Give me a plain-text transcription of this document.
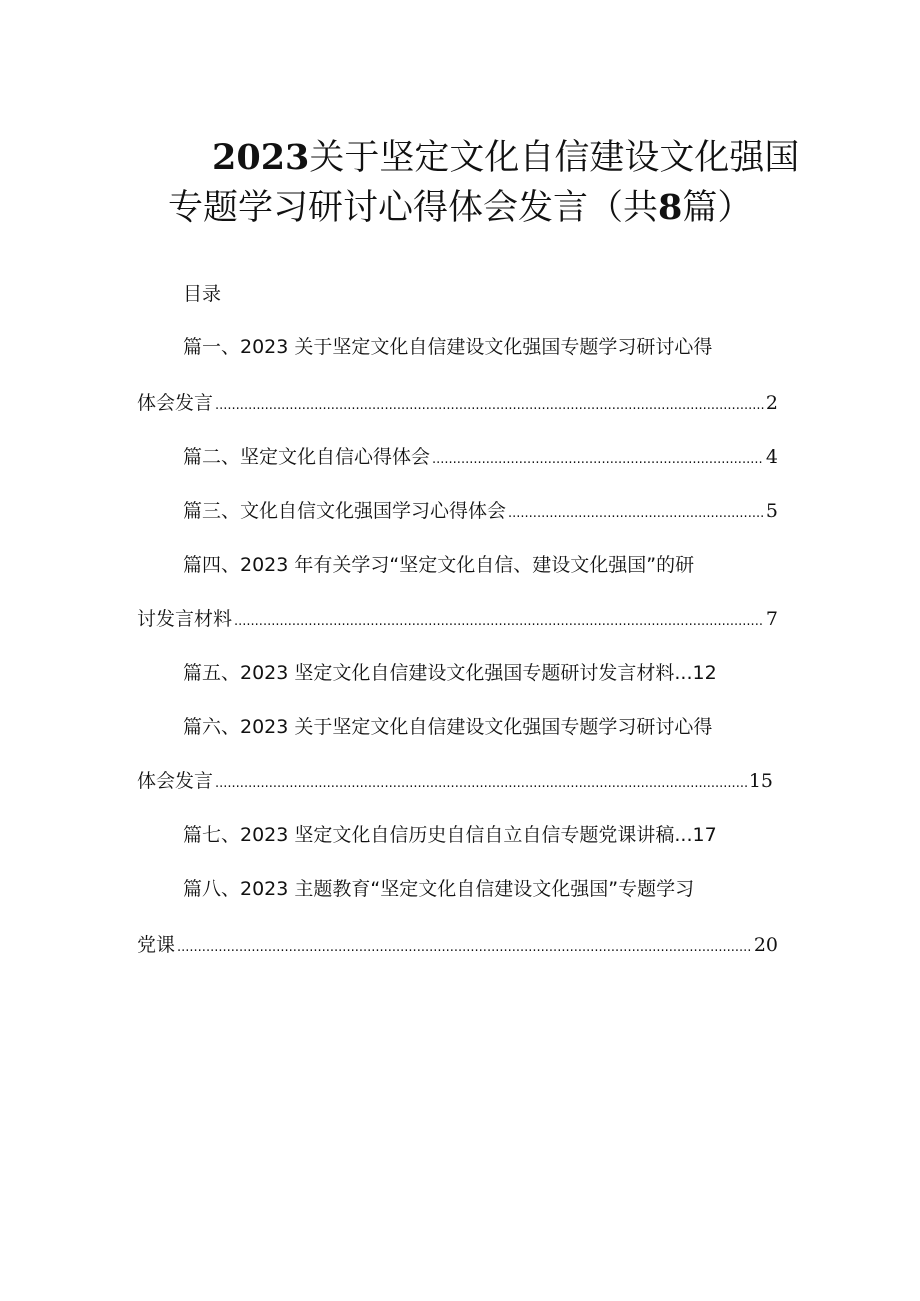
2023关于坚定文化自信建设文化强国
专题学习研讨心得体会发言（共8篇）
目录
篇一、2023 关于坚定文化自信建设文化强国专题学习研讨心得
体会发言 .....	2
篇二、坚定文化自信心得体会 .....	4
篇三、文化自信文化强国学习心得体会 .....	5
篇四、2023 年有关学习“坚定文化自信、建设文化强国”的研
讨发言材料 .....	7
篇五、2023 坚定文化自信建设文化强国专题研讨发言材料...12
篇六、2023 关于坚定文化自信建设文化强国专题学习研讨心得
体会发言 .....	15
篇七、2023 坚定文化自信历史自信自立自信专题党课讲稿...17
篇八、2023 主题教育“坚定文化自信建设文化强国”专题学习
党课 .....	20
